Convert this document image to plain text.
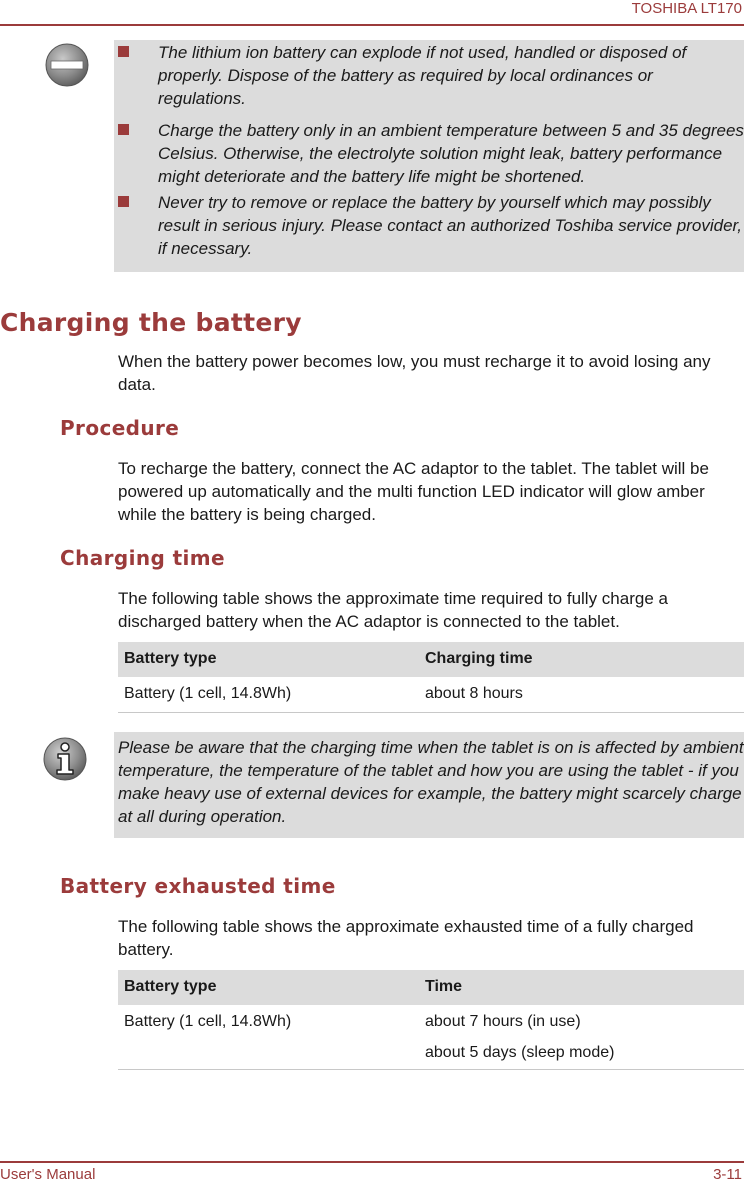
TOSHIBA LT170
The lithium ion battery can explode if not used, handled or disposed of properly. Dispose of the battery as required by local ordinances or regulations.
Charge the battery only in an ambient temperature between 5 and 35 degrees Celsius. Otherwise, the electrolyte solution might leak, battery performance might deteriorate and the battery life might be shortened.
Never try to remove or replace the battery by yourself which may possibly result in serious injury. Please contact an authorized Toshiba service provider, if necessary.
Charging the battery
When the battery power becomes low, you must recharge it to avoid losing any data.
Procedure
To recharge the battery, connect the AC adaptor to the tablet. The tablet will be powered up automatically and the multi function LED indicator will glow amber while the battery is being charged.
Charging time
The following table shows the approximate time required to fully charge a discharged battery when the AC adaptor is connected to the tablet.
Battery type	Charging time
Battery (1 cell, 14.8Wh)	about 8 hours
Please be aware that the charging time when the tablet is on is affected by ambient temperature, the temperature of the tablet and how you are using the tablet - if you make heavy use of external devices for example, the battery might scarcely charge at all during operation.
Battery exhausted time
The following table shows the approximate exhausted time of a fully charged battery.
Battery type	Time
Battery (1 cell, 14.8Wh)	about 7 hours (in use)
about 5 days (sleep mode)
User's Manual	3-11
